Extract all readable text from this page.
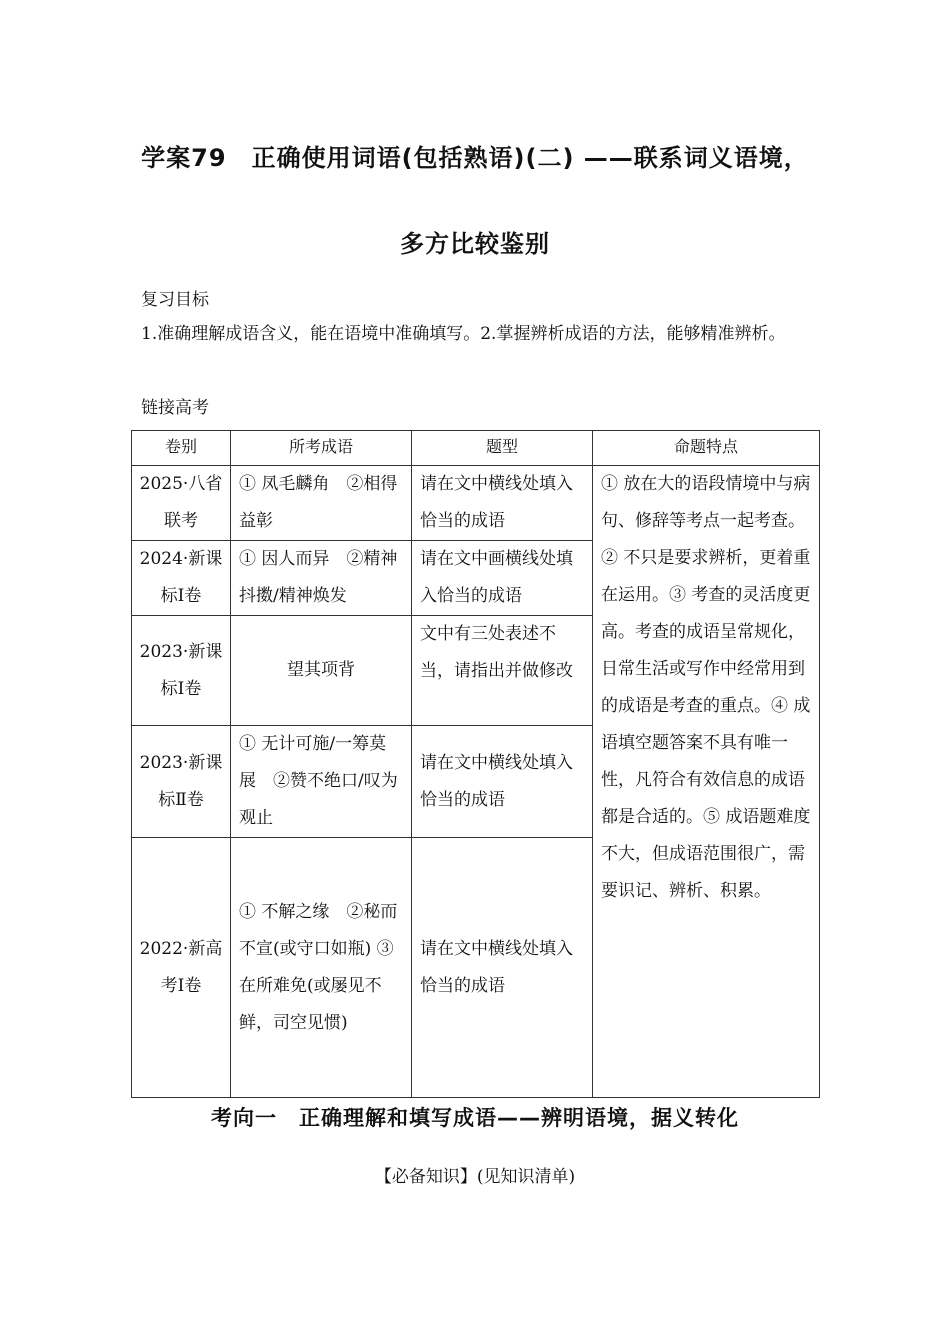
学案79　正确使用词语(包括熟语)(二) ——联系词义语境，
多方比较鉴别
复习目标
1.准确理解成语含义，能在语境中准确填写。2.掌握辨析成语的方法，能够精准辨析。
链接高考
卷别	所考成语	题型	命题特点
2025·八省联考	① 凤毛麟角　②相得益彰	请在文中横线处填入恰当的成语	① 放在大的语段情境中与病句、修辞等考点一起考查。② 不只是要求辨析，更着重在运用。③ 考查的灵活度更高。考查的成语呈常规化，日常生活或写作中经常用到的成语是考查的重点。④ 成语填空题答案不具有唯一性，凡符合有效信息的成语都是合适的。⑤ 成语题难度不大，但成语范围很广，需要识记、辨析、积累。
2024·新课标Ⅰ卷	① 因人而异　②精神抖擞/精神焕发	请在文中画横线处填入恰当的成语	
2023·新课标Ⅰ卷	望其项背	文中有三处表述不当，请指出并做修改	
2023·新课标Ⅱ卷	① 无计可施/一筹莫展　②赞不绝口/叹为观止	请在文中横线处填入恰当的成语	
2022·新高考Ⅰ卷	① 不解之缘　②秘而不宣(或守口如瓶) ③ 在所难免(或屡见不鲜，司空见惯)	请在文中横线处填入恰当的成语	
考向一　正确理解和填写成语——辨明语境，据义转化
【必备知识】(见知识清单)
